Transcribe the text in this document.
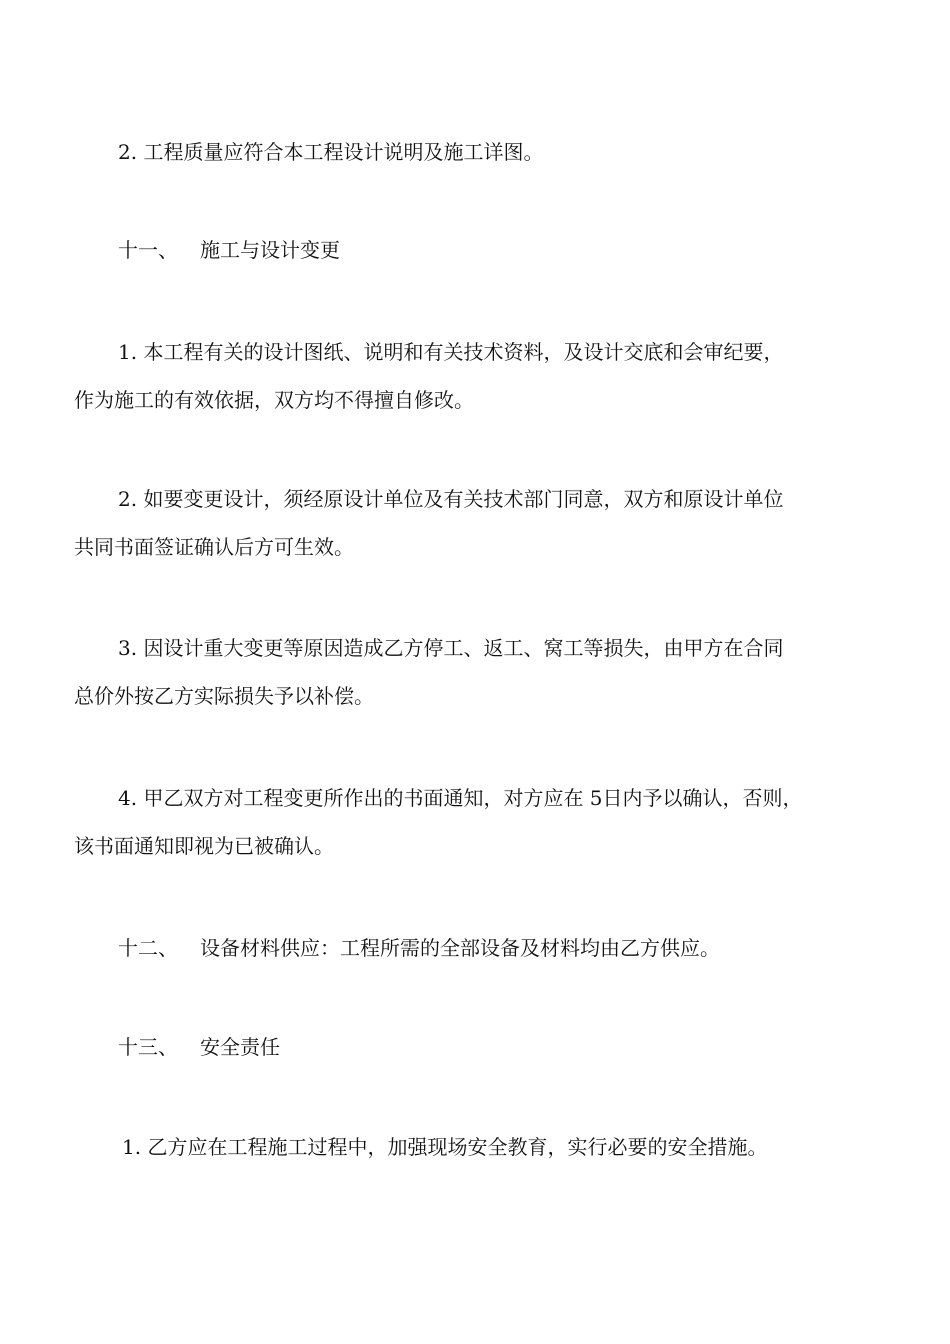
2. 工程质量应符合本工程设计说明及施工详图。

十一、 施工与设计变更

1. 本工程有关的设计图纸、说明和有关技术资料，及设计交底和会审纪要，
作为施工的有效依据，双方均不得擅自修改。

2. 如要变更设计，须经原设计单位及有关技术部门同意，双方和原设计单位
共同书面签证确认后方可生效。

3. 因设计重大变更等原因造成乙方停工、返工、窝工等损失，由甲方在合同
总价外按乙方实际损失予以补偿。

4. 甲乙双方对工程变更所作出的书面通知，对方应在 5日内予以确认，否则，
该书面通知即视为已被确认。

十二、 设备材料供应：工程所需的全部设备及材料均由乙方供应。

十三、 安全责任

1. 乙方应在工程施工过程中，加强现场安全教育，实行必要的安全措施。
